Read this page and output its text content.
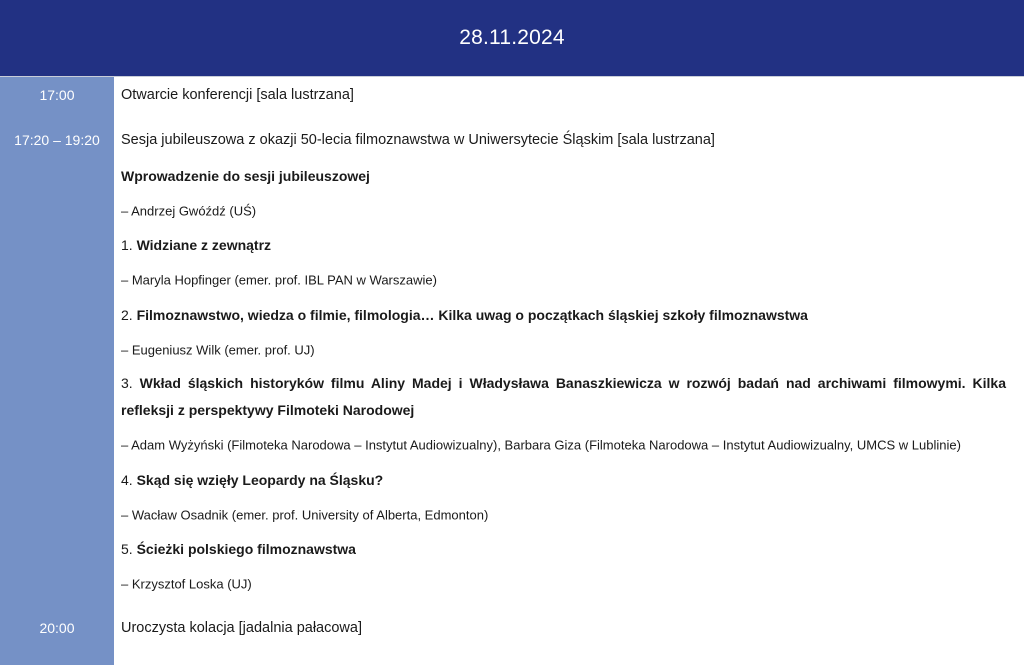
28.11.2024
17:00
17:20 – 19:20
20:00
Otwarcie konferencji [sala lustrzana]
Sesja jubileuszowa z okazji 50-lecia filmoznawstwa w Uniwersytecie Śląskim [sala lustrzana]
Wprowadzenie do sesji jubileuszowej
– Andrzej Gwóźdź (UŚ)
1. Widziane z zewnątrz
– Maryla Hopfinger (emer. prof. IBL PAN w Warszawie)
2. Filmoznawstwo, wiedza o filmie, filmologia… Kilka uwag o początkach śląskiej szkoły filmoznawstwa
– Eugeniusz Wilk (emer. prof. UJ)
3. Wkład śląskich historyków filmu Aliny Madej i Władysława Banaszkiewicza w rozwój badań nad archiwami filmowymi. Kilka refleksji z perspektywy Filmoteki Narodowej
– Adam Wyżyński (Filmoteka Narodowa – Instytut Audiowizualny), Barbara Giza (Filmoteka Narodowa – Instytut Audiowizualny, UMCS w Lublinie)
4. Skąd się wzięły Leopardy na Śląsku?
– Wacław Osadnik (emer. prof. University of Alberta, Edmonton)
5. Ścieżki polskiego filmoznawstwa
– Krzysztof Loska (UJ)
Uroczysta kolacja [jadalnia pałacowa]
